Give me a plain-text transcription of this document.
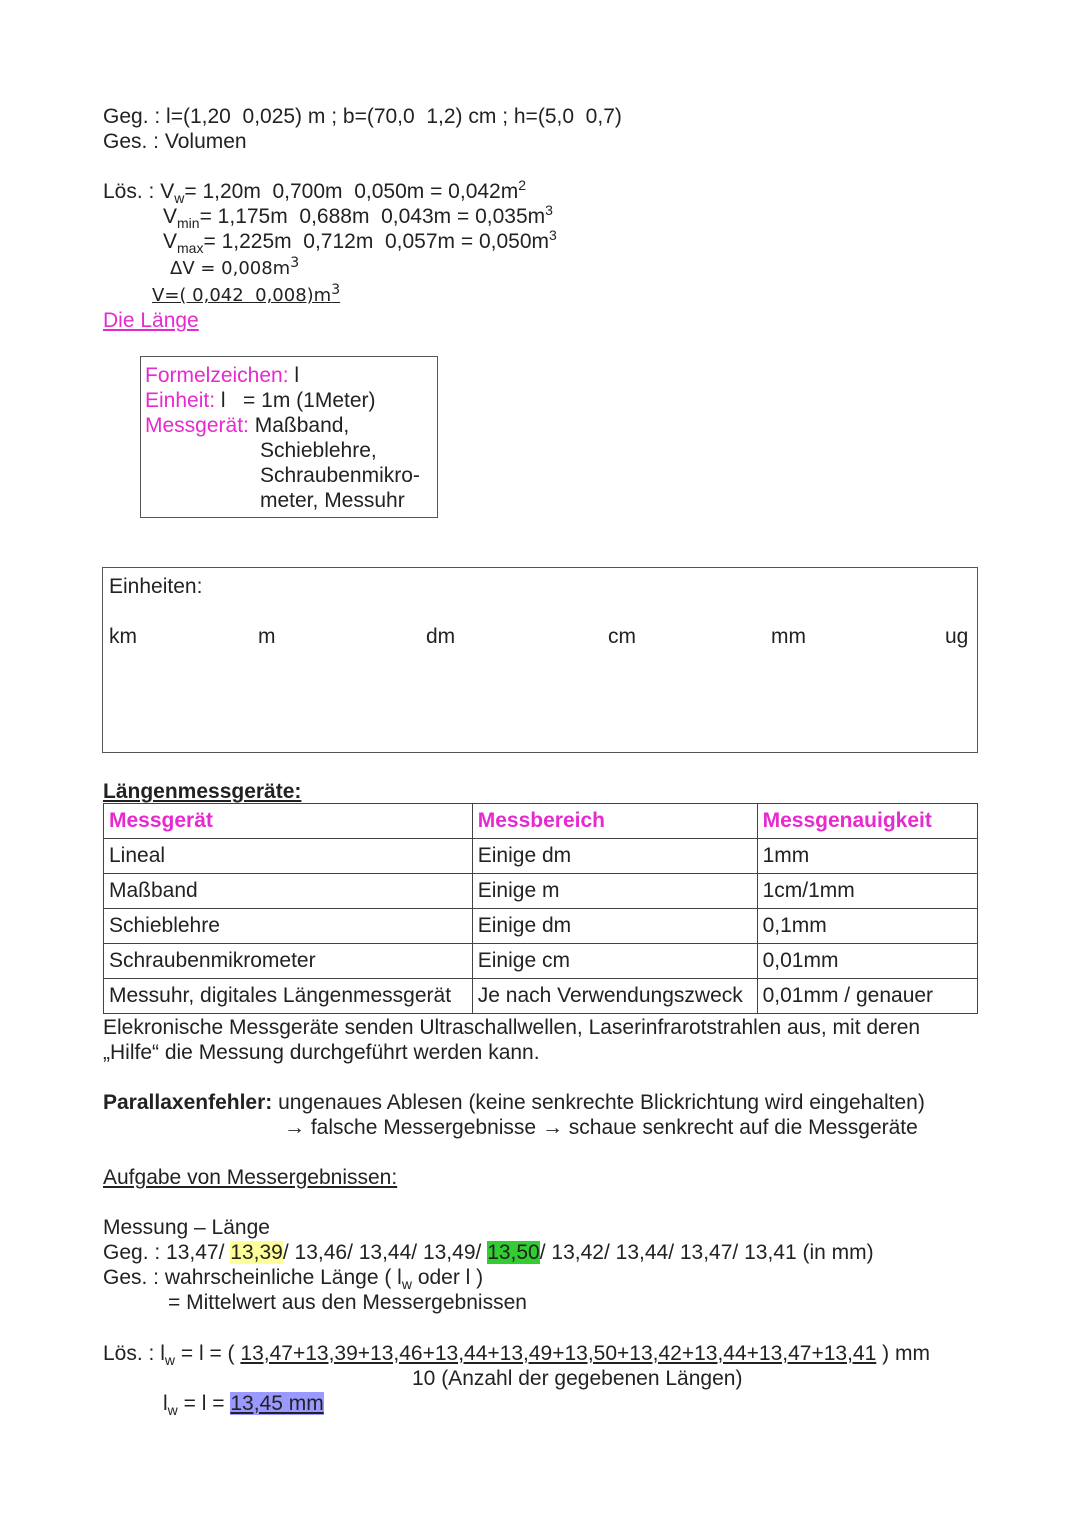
Geg. : l=(1,20  0,025) m ; b=(70,0  1,2) cm ; h=(5,0  0,7)
Ges. : Volumen
Lös. : $V_w= 1,20m$  0,700m  $0,050m = 0,042m^2$
$V_{min}= 1,175m$  0,688m  $0,043m = 0,035m^3$
$V_{max}= 1,225m$  0,712m  $0,057m = 0,050m^3$
$\Delta V = 0,008m^3$
V=( 0,042  $0,008)m^3$
Die Länge
Formelzeichen: l
Einheit: l   = 1m (1Meter)
Messgerät: Maßband,
Schieblehre,
Schraubenmikro-
meter, Messuhr
Einheiten:
km	m	dm	cm	mm	ug
Längenmessgeräte:
Messgerät	Messbereich	Messgenauigkeit
Lineal	Einige dm	1mm
Maßband	Einige m	1cm/1mm
Schieblehre	Einige dm	0,1mm
Schraubenmikrometer	Einige cm	0,01mm
Messuhr, digitales Längenmessgerät	Je nach Verwendungszweck	0,01mm / genauer
Elekronische Messgeräte senden Ultraschallwellen, Laserinfrarotstrahlen aus, mit deren
„Hilfe“ die Messung durchgeführt werden kann.
Parallaxenfehler: ungenaues Ablesen (keine senkrechte Blickrichtung wird eingehalten)
→ falsche Messergebnisse → schaue senkrecht auf die Messgeräte
Aufgabe von Messergebnissen:
Messung – Länge
Geg. : 13,47/ 13,39/ 13,46/ 13,44/ 13,49/ 13,50/ 13,42/ 13,44/ 13,47/ 13,41 (in mm)
Ges. : wahrscheinliche Länge ( $l_w$ oder l )
= Mittelwert aus den Messergebnissen
Lös. : $l_w = l$ = ( 13,47+13,39+13,46+13,44+13,49+13,50+13,42+13,44+13,47+13,41 ) mm
10 (Anzahl der gegebenen Längen)
$l_w = l = 13,45$ mm
